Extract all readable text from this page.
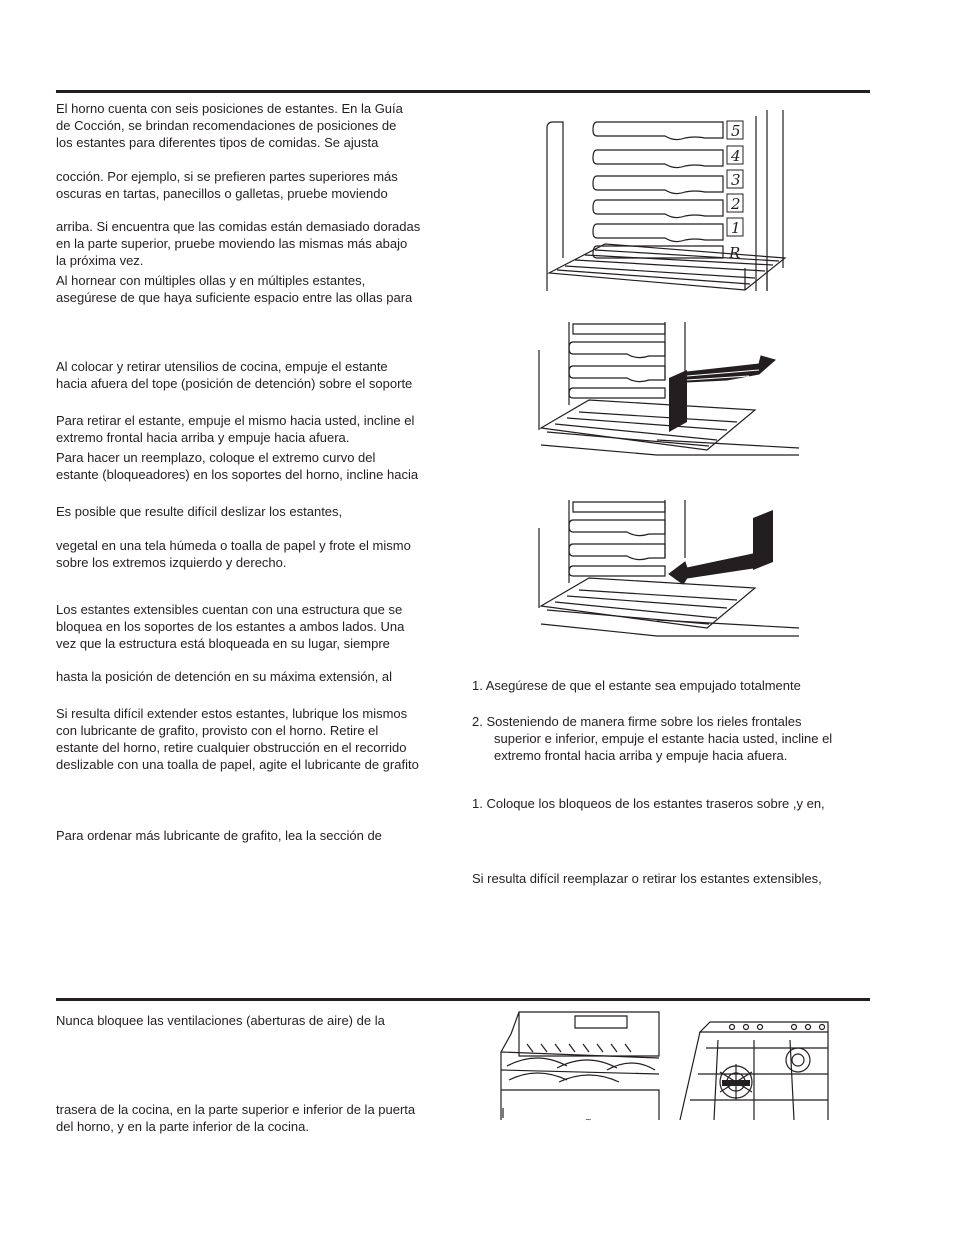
El horno cuenta con seis posiciones de estantes. En la Guía
de Cocción, se brindan recomendaciones de posiciones de
los estantes para diferentes tipos de comidas. Se ajusta
cocción. Por ejemplo, si se prefieren partes superiores más
oscuras en tartas, panecillos o galletas, pruebe moviendo
arriba. Si encuentra que las comidas están demasiado doradas
en la parte superior, pruebe moviendo las mismas más abajo
la próxima vez.
Al hornear con múltiples ollas y en múltiples estantes,
asegúrese de que haya suficiente espacio entre las ollas para
Al colocar y retirar utensilios de cocina, empuje el estante
hacia afuera del tope (posición de detención) sobre el soporte
Para retirar el estante, empuje el mismo hacia usted, incline el
extremo frontal hacia arriba y empuje hacia afuera.
Para hacer un reemplazo, coloque el extremo curvo del
estante (bloqueadores) en los soportes del horno, incline hacia
Es posible que resulte difícil deslizar los estantes,
vegetal en una tela húmeda o toalla de papel y frote el mismo
sobre los extremos izquierdo y derecho.
Los estantes extensibles cuentan con una estructura que se
bloquea en los soportes de los estantes a ambos lados. Una
vez que la estructura está bloqueada en su lugar, siempre
hasta la posición de detención en su máxima extensión, al
Si resulta difícil extender estos estantes, lubrique los mismos
con lubricante de grafito, provisto con el horno. Retire el
estante del horno, retire cualquier obstrucción en el recorrido
deslizable con una toalla de papel, agite el lubricante de grafito
Para ordenar más lubricante de grafito, lea la sección de
1. Asegúrese de que el estante sea empujado totalmente
2. Sosteniendo de manera firme sobre los rieles frontales
superior e inferior, empuje el estante hacia usted, incline el
extremo frontal hacia arriba y empuje hacia afuera.
1. Coloque los bloqueos de los estantes traseros sobre ,y en,
Si resulta difícil reemplazar o retirar los estantes extensibles,
5
4
3
2
1
R
Nunca bloquee las ventilaciones (aberturas de aire) de la
trasera de la cocina, en la parte superior e inferior de la puerta
del horno, y en la parte inferior de la cocina.	~
